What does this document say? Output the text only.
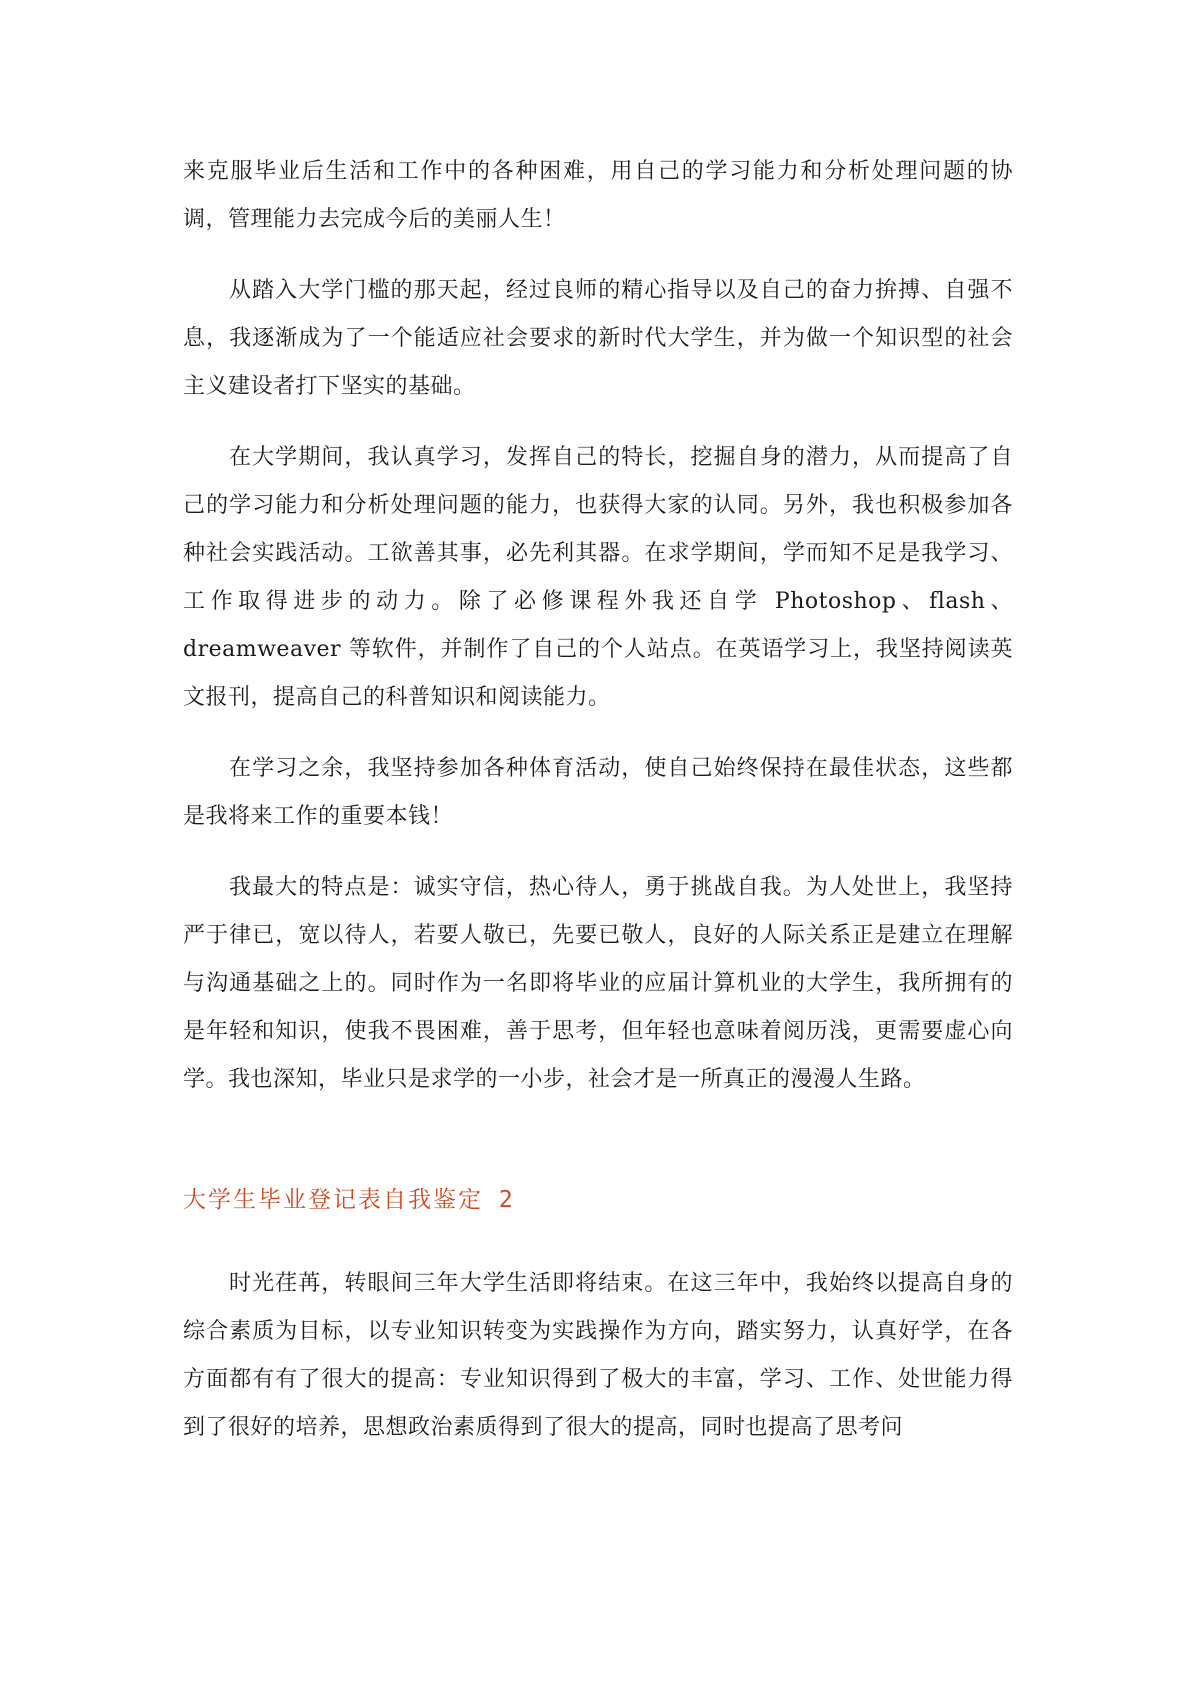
来克服毕业后生活和工作中的各种困难，用自己的学习能力和分析处理问题的协调，管理能力去完成今后的美丽人生！

从踏入大学门槛的那天起，经过良师的精心指导以及自己的奋力拚搏、自强不息，我逐渐成为了一个能适应社会要求的新时代大学生，并为做一个知识型的社会主义建设者打下坚实的基础。

在大学期间，我认真学习，发挥自己的特长，挖掘自身的潜力，从而提高了自己的学习能力和分析处理问题的能力，也获得大家的认同。另外，我也积极参加各种社会实践活动。工欲善其事，必先利其器。在求学期间，学而知不足是我学习、工作取得进步的动力。除了必修课程外我还自学 Photoshop、flash、dreamweaver 等软件，并制作了自己的个人站点。在英语学习上，我坚持阅读英文报刊，提高自己的科普知识和阅读能力。

在学习之余，我坚持参加各种体育活动，使自己始终保持在最佳状态，这些都是我将来工作的重要本钱！

我最大的特点是：诚实守信，热心待人，勇于挑战自我。为人处世上，我坚持严于律已，宽以待人，若要人敬已，先要已敬人，良好的人际关系正是建立在理解与沟通基础之上的。同时作为一名即将毕业的应届计算机业的大学生，我所拥有的是年轻和知识，使我不畏困难，善于思考，但年轻也意味着阅历浅，更需要虚心向学。我也深知，毕业只是求学的一小步，社会才是一所真正的漫漫人生路。

大学生毕业登记表自我鉴定 2

时光荏苒，转眼间三年大学生活即将结束。在这三年中，我始终以提高自身的综合素质为目标，以专业知识转变为实践操作为方向，踏实努力，认真好学，在各方面都有有了很大的提高：专业知识得到了极大的丰富，学习、工作、处世能力得到了很好的培养，思想政治素质得到了很大的提高，同时也提高了思考问
